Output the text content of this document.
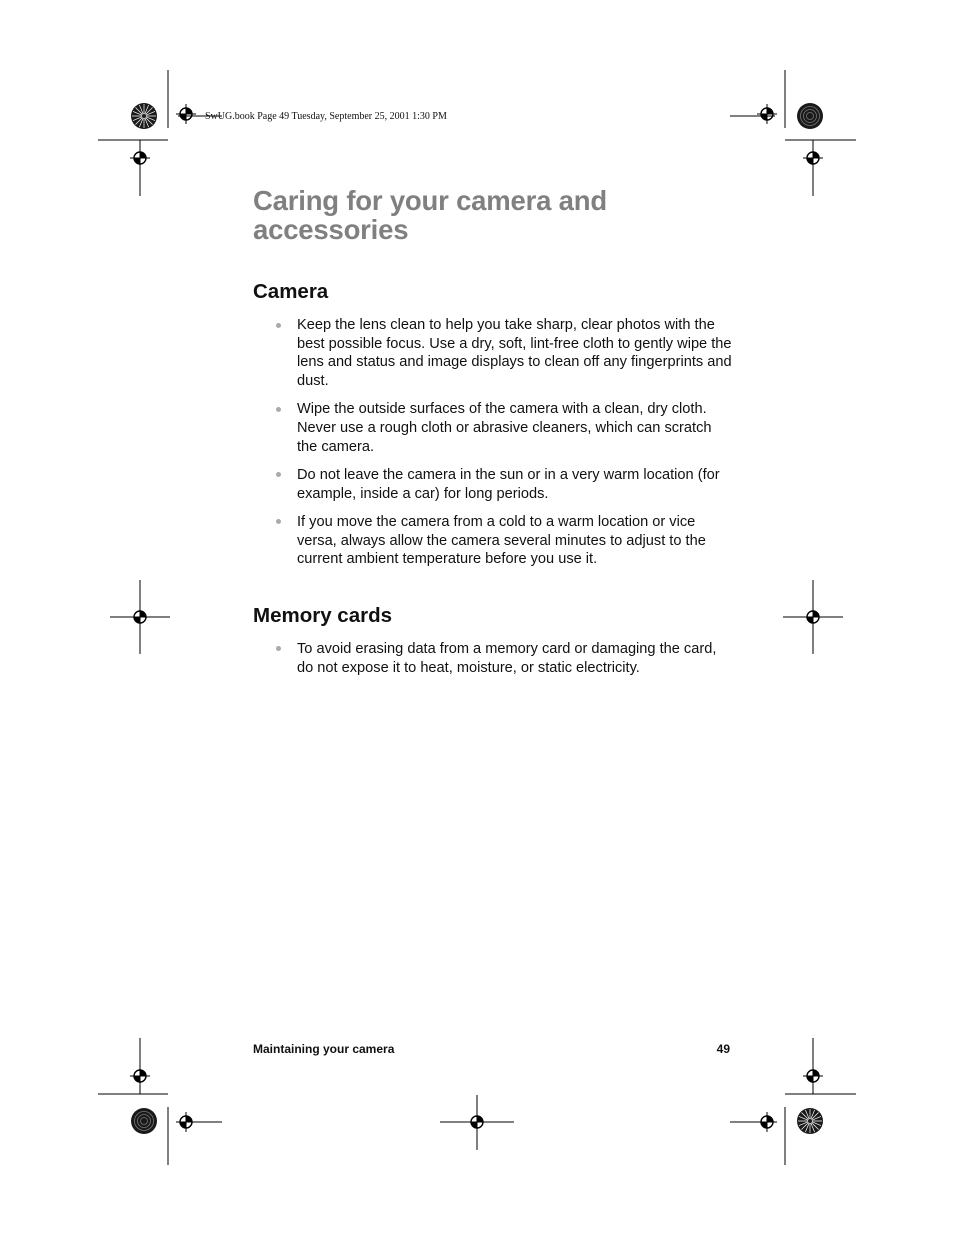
SwUG.book Page 49 Tuesday, September 25, 2001 1:30 PM
Caring for your camera and
accessories
Camera
Keep the lens clean to help you take sharp, clear photos with the best possible focus. Use a dry, soft, lint-free cloth to gently wipe the lens and status and image displays to clean off any fingerprints and dust.
Wipe the outside surfaces of the camera with a clean, dry cloth. Never use a rough cloth or abrasive cleaners, which can scratch the camera.
Do not leave the camera in the sun or in a very warm location (for example, inside a car) for long periods.
If you move the camera from a cold to a warm location or vice versa, always allow the camera several minutes to adjust to the current ambient temperature before you use it.
Memory cards
To avoid erasing data from a memory card or damaging the card, do not expose it to heat, moisture, or static electricity.
Maintaining your camera	49
